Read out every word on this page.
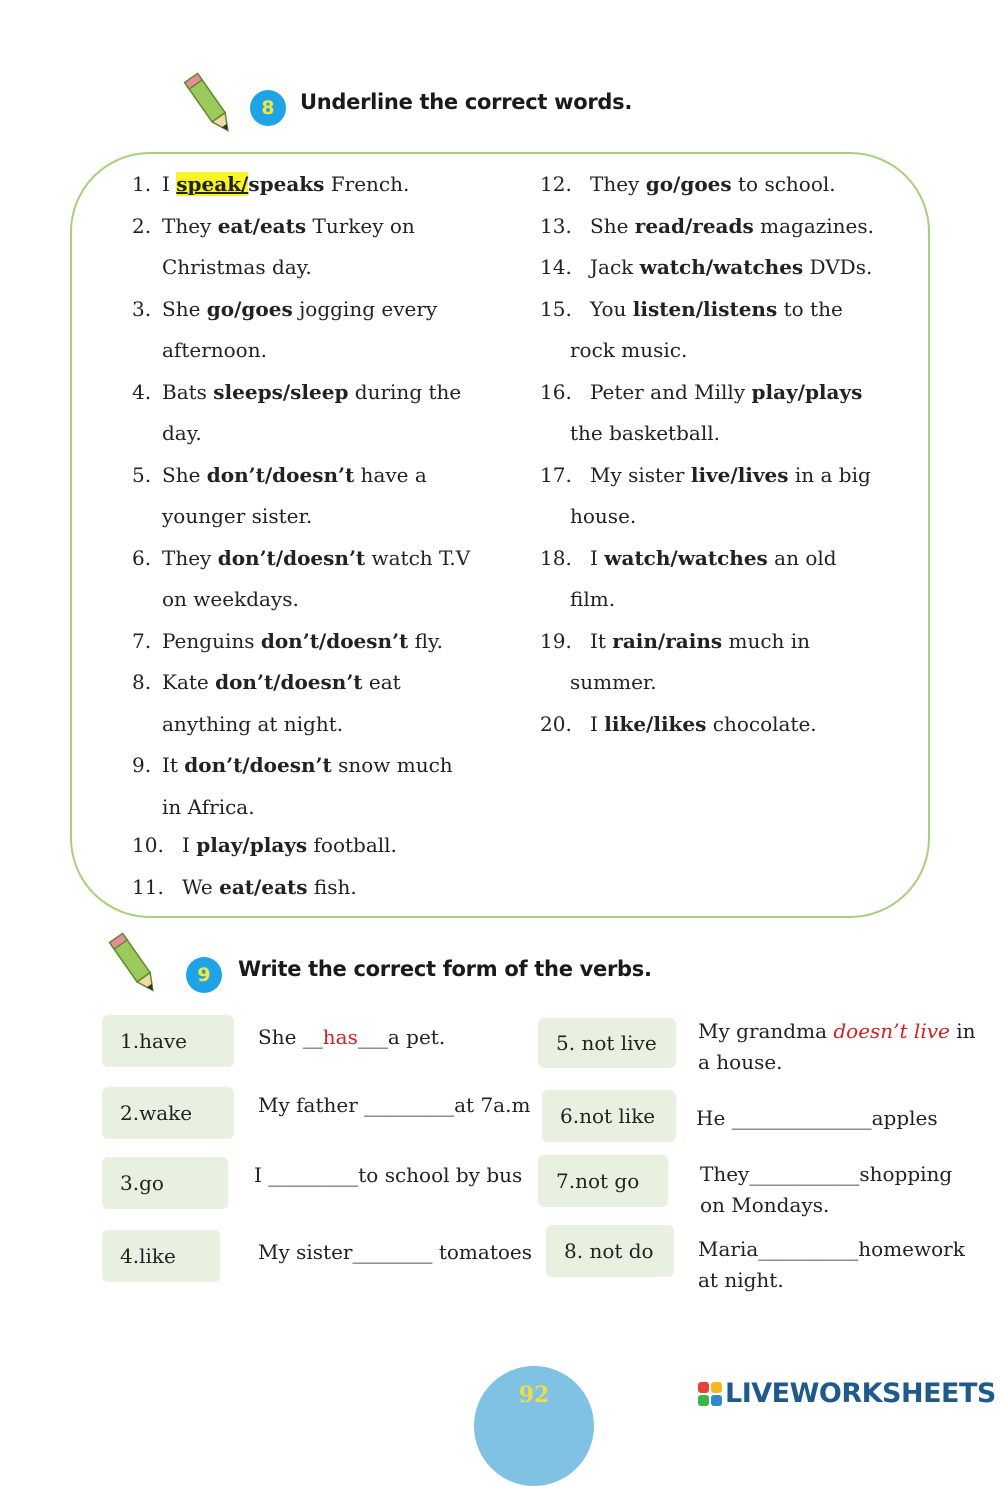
8	Underline the correct words.
1. I speak/speaks French.
2. They eat/eats Turkey on
Christmas day.
3. She go/goes jogging every
afternoon.
4. Bats sleeps/sleep during the
day.
5. She don’t/doesn’t have a
younger sister.
6. They don’t/doesn’t watch T.V
on weekdays.
7. Penguins don’t/doesn’t fly.
8. Kate don’t/doesn’t eat
anything at night.
9. It don’t/doesn’t snow much
in Africa.
10. I play/plays football.
11. We eat/eats fish.
12. They go/goes to school.
13. She read/reads magazines.
14. Jack watch/watches DVDs.
15. You listen/listens to the
rock music.
16. Peter and Milly play/plays
the basketball.
17. My sister live/lives in a big
house.
18. I watch/watches an old
film.
19. It rain/rains much in
summer.
20. I like/likes chocolate.
9	Write the correct form of the verbs.
1.have	She __has___a pet.
2.wake	My father _________at 7a.m
3.go	I _________to school by bus
4.like	My sister________ tomatoes
5. not live My grandma doesn’t live in
a house.
6.not like He ______________apples
7.not go	They___________shopping
on Mondays.
8. not do Maria__________homework
at night.
92	LIVEWORKSHEETS
